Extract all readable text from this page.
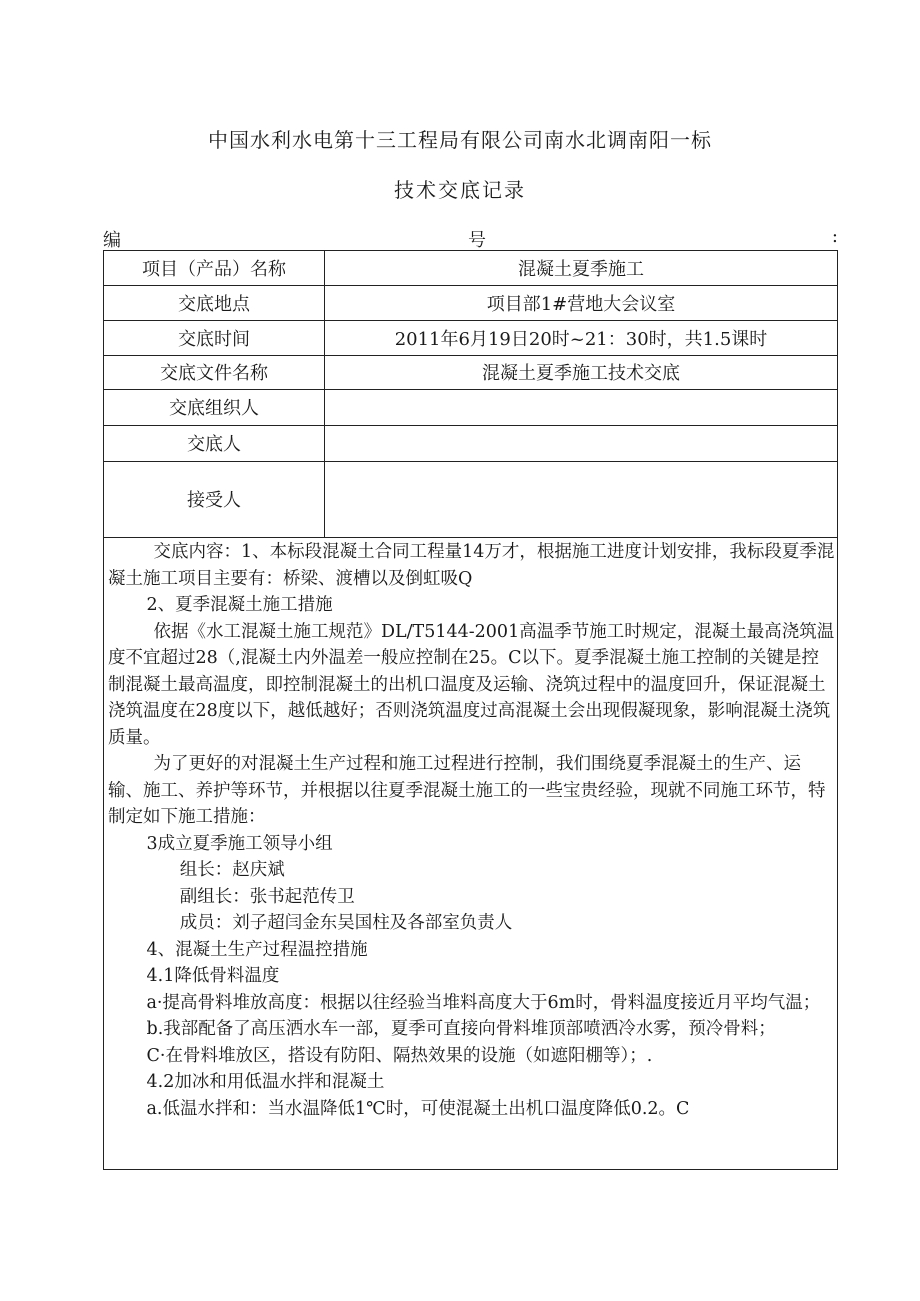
中国水利水电第十三工程局有限公司南水北调南阳一标
技术交底记录
编	号	:
项目（产品）名称	混凝土夏季施工
交底地点	项目部1#营地大会议室
交底时间	2011年6月19日20时~21：30时，共1.5课时
交底文件名称	混凝土夏季施工技术交底
交底组织人	
交底人	
接受人	

交底内容：1、本标段混凝土合同工程量14万才，根据施工进度计划安排，我标段夏季混凝土施工项目主要有：桥梁、渡槽以及倒虹吸Q

2、夏季混凝土施工措施

依据《水工混凝土施工规范》DL/T5144-2001高温季节施工时规定，混凝土最高浇筑温度不宜超过28（,混凝土内外温差一般应控制在25。C以下。夏季混凝土施工控制的关键是控制混凝土最高温度，即控制混凝土的出机口温度及运输、浇筑过程中的温度回升，保证混凝土浇筑温度在28度以下，越低越好；否则浇筑温度过高混凝土会出现假凝现象，影响混凝土浇筑质量。

为了更好的对混凝土生产过程和施工过程进行控制，我们围绕夏季混凝土的生产、运输、施工、养护等环节，并根据以往夏季混凝土施工的一些宝贵经验，现就不同施工环节，特制定如下施工措施：

3成立夏季施工领导小组

组长：赵庆斌

副组长：张书起范传卫

成员：刘子超闫金东吴国柱及各部室负责人

4、混凝土生产过程温控措施

4.1降低骨料温度

a·提高骨料堆放高度：根据以往经验当堆料高度大于6m时，骨料温度接近月平均气温；

b.我部配备了高压洒水车一部，夏季可直接向骨料堆顶部喷洒冷水雾，预冷骨料；

C·在骨料堆放区，搭设有防阳、隔热效果的设施（如遮阳棚等）；.

4.2加冰和用低温水拌和混凝土

a.低温水拌和：当水温降低1℃时，可使混凝土出机口温度降低0.2。C
